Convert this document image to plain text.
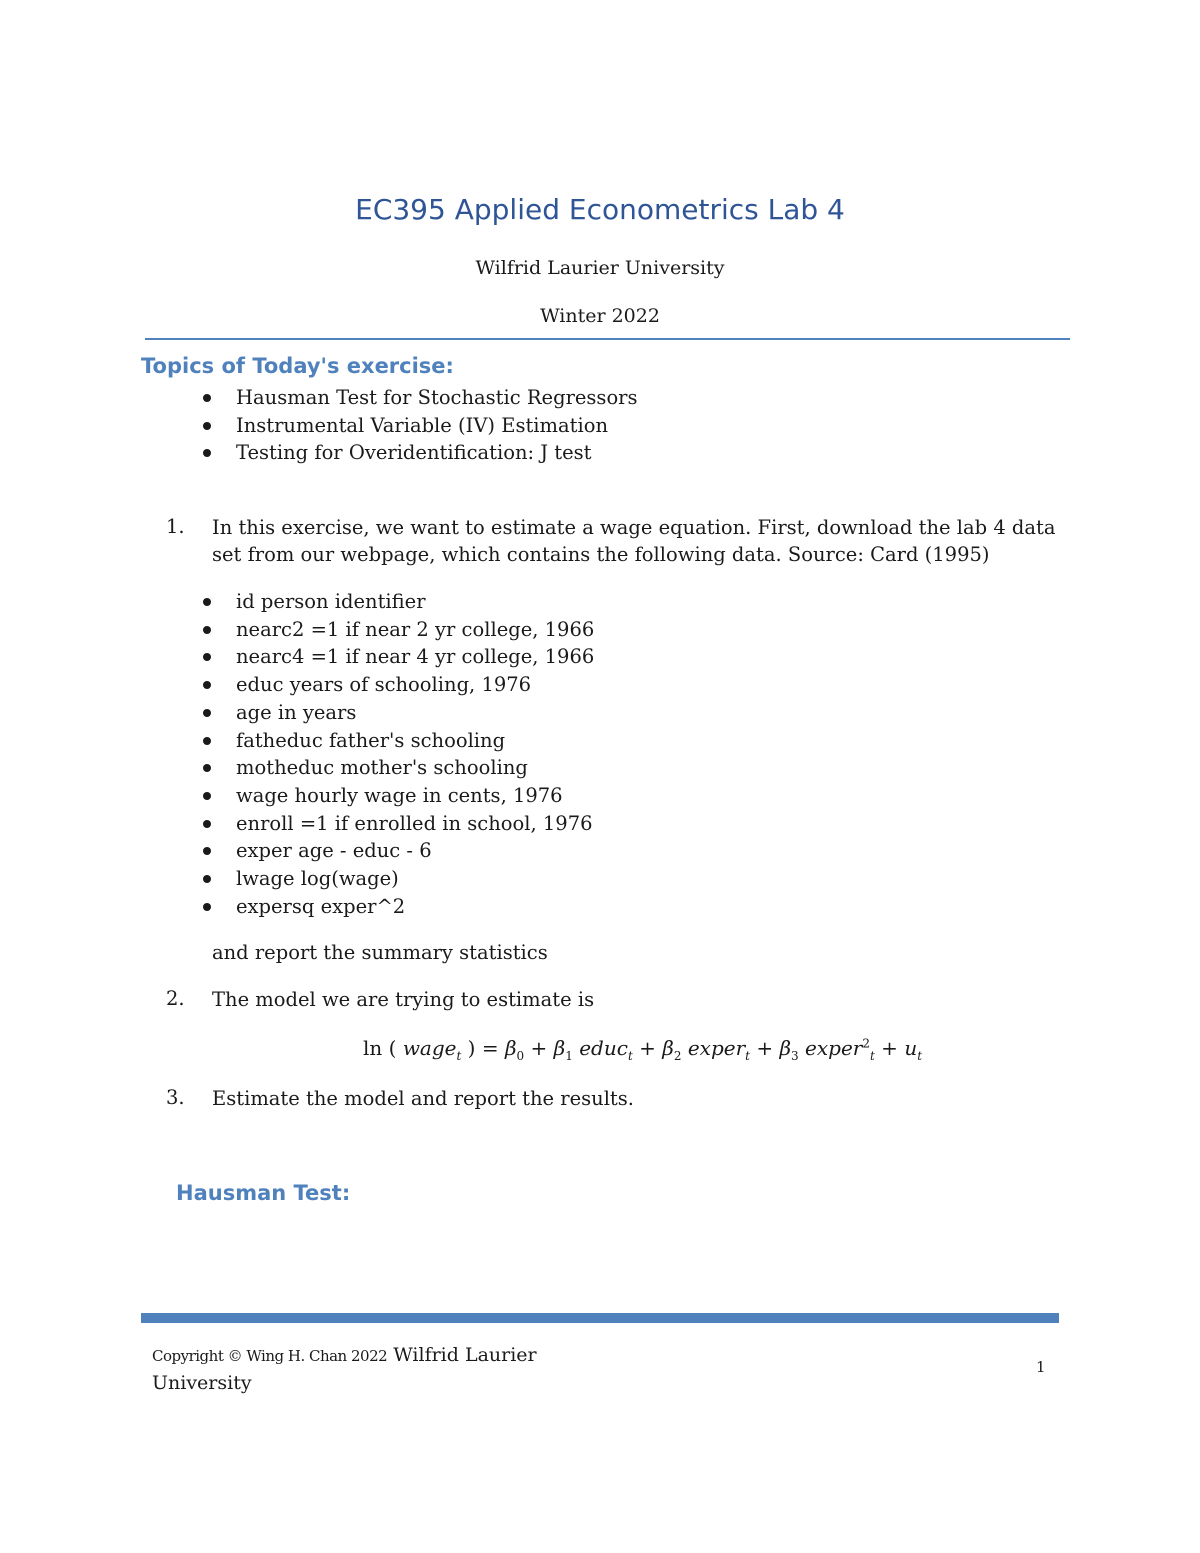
EC395 Applied Econometrics Lab 4
Wilfrid Laurier University
Winter 2022
Topics of Today's exercise:
Hausman Test for Stochastic Regressors
Instrumental Variable (IV) Estimation
Testing for Overidentification: J test
1. In this exercise, we want to estimate a wage equation. First, download the lab 4 data
set from our webpage, which contains the following data. Source: Card (1995)
id person identifier
nearc2 =1 if near 2 yr college, 1966
nearc4 =1 if near 4 yr college, 1966
educ years of schooling, 1976
age in years
fatheduc father's schooling
motheduc mother's schooling
wage hourly wage in cents, 1976
enroll =1 if enrolled in school, 1976
exper age - educ - 6
lwage log(wage)
expersq exper^2
and report the summary statistics
2. The model we are trying to estimate is
ln ( wage$_t$ ) = $\beta_0 + \beta_1$ educ$_t$ + $\beta_2$ exper$_t$ + $\beta_3$ exper$^2_t$ + $u_t$
3. Estimate the model and report the results.
Hausman Test:
Copyright © Wing H. Chan 2022 Wilfrid Laurier
University
1
